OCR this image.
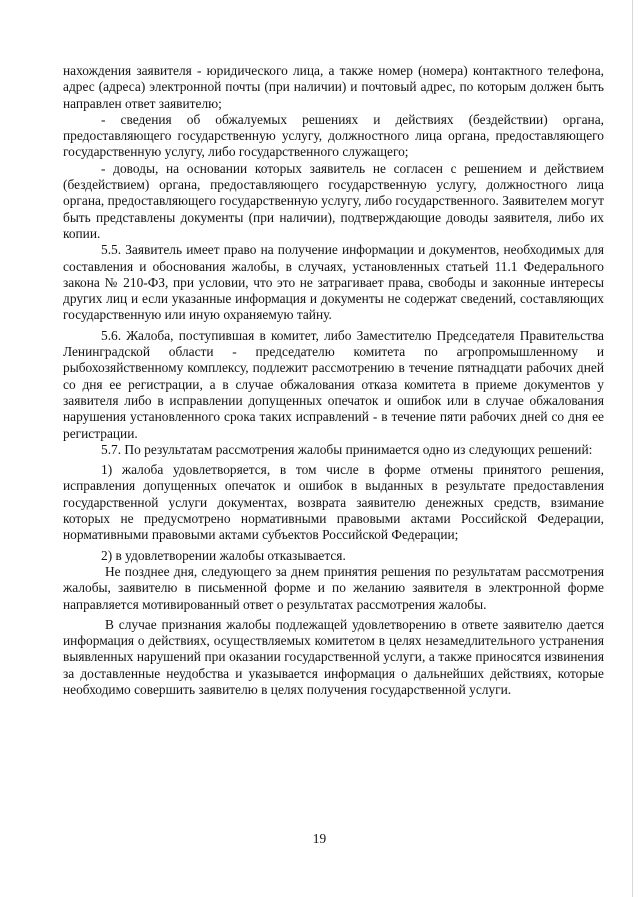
нахождения заявителя - юридического лица, а также номер (номера) контактного телефона, адрес (адреса) электронной почты (при наличии) и почтовый адрес, по которым должен быть направлен ответ заявителю;

- сведения об обжалуемых решениях и действиях (бездействии) органа, предоставляющего государственную услугу, должностного лица органа, предоставляющего государственную услугу, либо государственного служащего;

- доводы, на основании которых заявитель не согласен с решением и действием (бездействием) органа, предоставляющего государственную услугу, должностного лица органа, предоставляющего государственную услугу, либо государственного. Заявителем могут быть представлены документы (при наличии), подтверждающие доводы заявителя, либо их копии.

5.5. Заявитель имеет право на получение информации и документов, необходимых для составления и обоснования жалобы, в случаях, установленных статьей 11.1 Федерального закона № 210-ФЗ, при условии, что это не затрагивает права, свободы и законные интересы других лиц и если указанные информация и документы не содержат сведений, составляющих государственную или иную охраняемую тайну.

5.6. Жалоба, поступившая в комитет, либо Заместителю Председателя Правительства Ленинградской области - председателю комитета по агропромышленному и рыбохозяйственному комплексу, подлежит рассмотрению в течение пятнадцати рабочих дней со дня ее регистрации, а в случае обжалования отказа комитета в приеме документов у заявителя либо в исправлении допущенных опечаток и ошибок или в случае обжалования нарушения установленного срока таких исправлений - в течение пяти рабочих дней со дня ее регистрации.

5.7. По результатам рассмотрения жалобы принимается одно из следующих решений:

1) жалоба удовлетворяется, в том числе в форме отмены принятого решения, исправления допущенных опечаток и ошибок в выданных в результате предоставления государственной услуги документах, возврата заявителю денежных средств, взимание которых не предусмотрено нормативными правовыми актами Российской Федерации, нормативными правовыми актами субъектов Российской Федерации;

2) в удовлетворении жалобы отказывается.

Не позднее дня, следующего за днем принятия решения по результатам рассмотрения жалобы, заявителю в письменной форме и по желанию заявителя в электронной форме направляется мотивированный ответ о результатах рассмотрения жалобы.

В случае признания жалобы подлежащей удовлетворению в ответе заявителю дается информация о действиях, осуществляемых комитетом в целях незамедлительного устранения выявленных нарушений при оказании государственной услуги, а также приносятся извинения за доставленные неудобства и указывается информация о дальнейших действиях, которые необходимо совершить заявителю в целях получения государственной услуги.

19
